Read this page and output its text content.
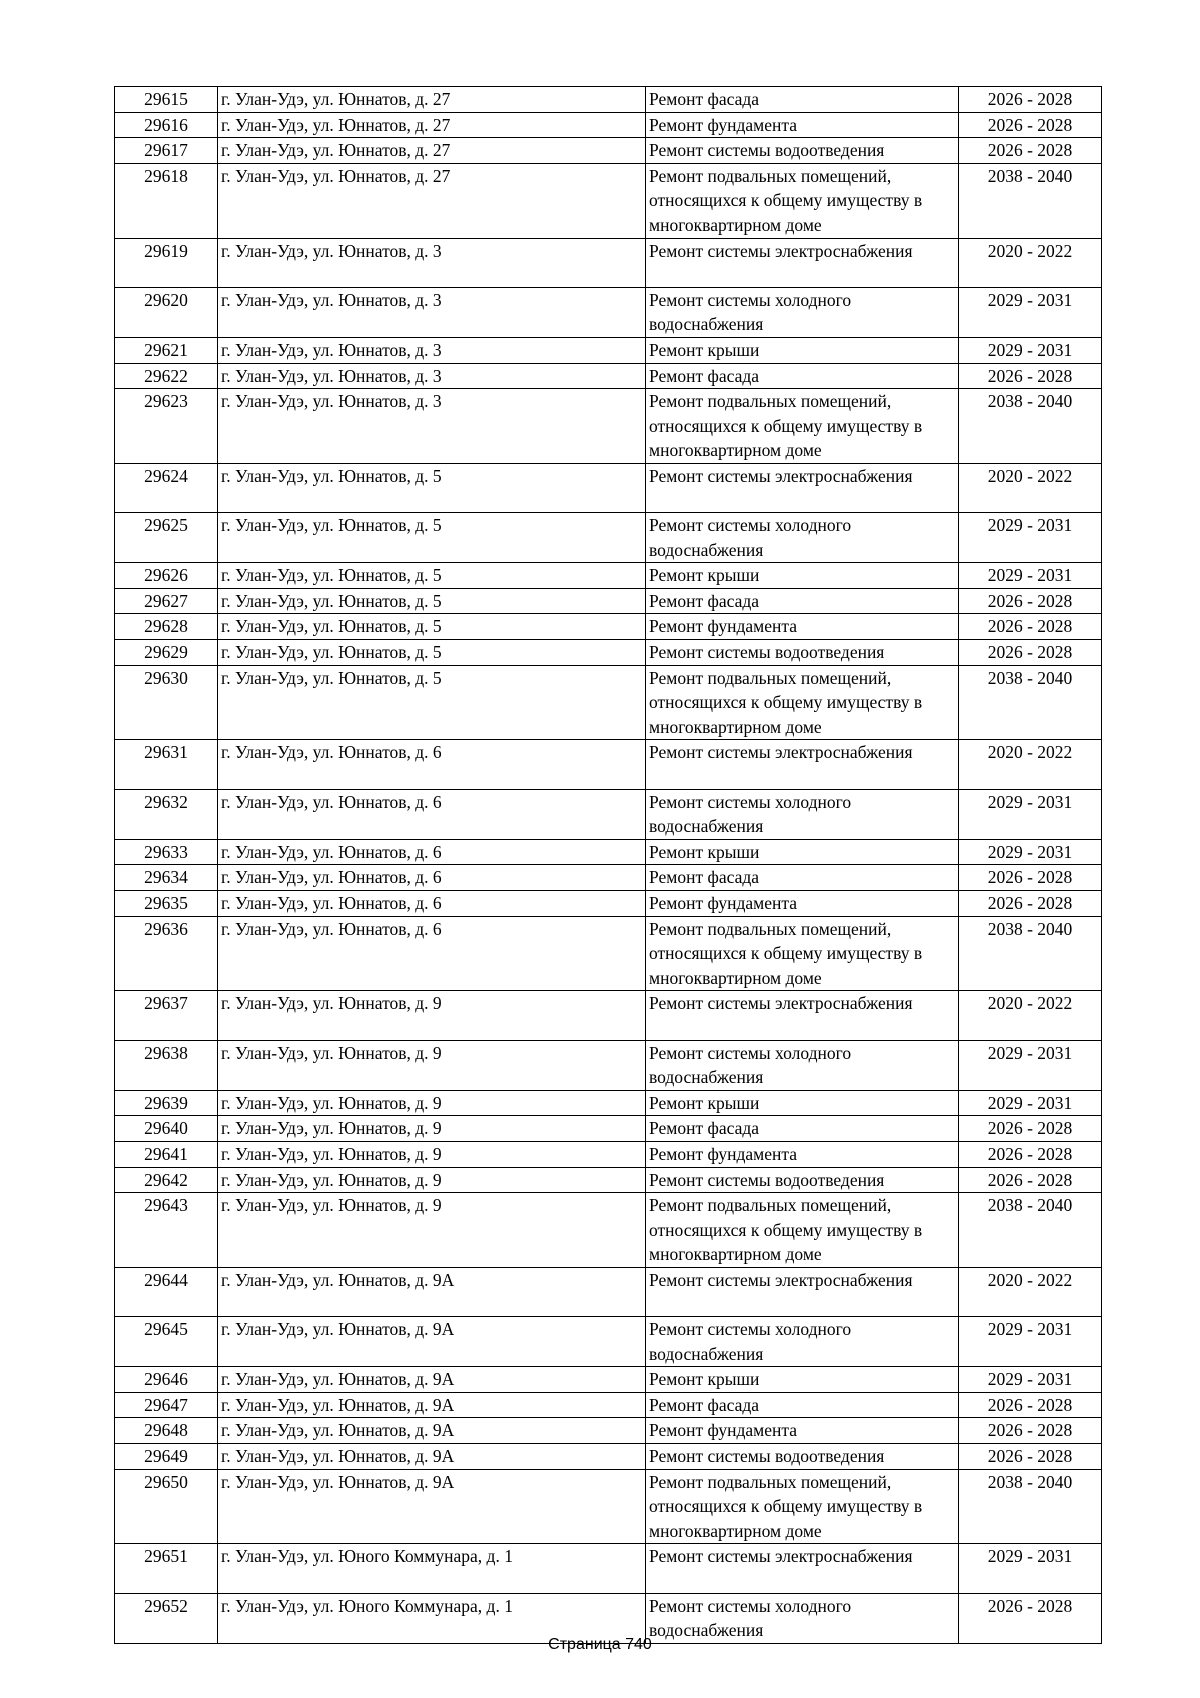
29615	г. Улан-Удэ, ул. Юннатов, д. 27	Ремонт фасада	2026 - 2028
29616	г. Улан-Удэ, ул. Юннатов, д. 27	Ремонт фундамента	2026 - 2028
29617	г. Улан-Удэ, ул. Юннатов, д. 27	Ремонт системы водоотведения	2026 - 2028
29618	г. Улан-Удэ, ул. Юннатов, д. 27	Ремонт подвальных помещений, относящихся к общему имуществу в многоквартирном доме	2038 - 2040
29619	г. Улан-Удэ, ул. Юннатов, д. 3	Ремонт системы электроснабжения	2020 - 2022
29620	г. Улан-Удэ, ул. Юннатов, д. 3	Ремонт системы холодного водоснабжения	2029 - 2031
29621	г. Улан-Удэ, ул. Юннатов, д. 3	Ремонт крыши	2029 - 2031
29622	г. Улан-Удэ, ул. Юннатов, д. 3	Ремонт фасада	2026 - 2028
29623	г. Улан-Удэ, ул. Юннатов, д. 3	Ремонт подвальных помещений, относящихся к общему имуществу в многоквартирном доме	2038 - 2040
29624	г. Улан-Удэ, ул. Юннатов, д. 5	Ремонт системы электроснабжения	2020 - 2022
29625	г. Улан-Удэ, ул. Юннатов, д. 5	Ремонт системы холодного водоснабжения	2029 - 2031
29626	г. Улан-Удэ, ул. Юннатов, д. 5	Ремонт крыши	2029 - 2031
29627	г. Улан-Удэ, ул. Юннатов, д. 5	Ремонт фасада	2026 - 2028
29628	г. Улан-Удэ, ул. Юннатов, д. 5	Ремонт фундамента	2026 - 2028
29629	г. Улан-Удэ, ул. Юннатов, д. 5	Ремонт системы водоотведения	2026 - 2028
29630	г. Улан-Удэ, ул. Юннатов, д. 5	Ремонт подвальных помещений, относящихся к общему имуществу в многоквартирном доме	2038 - 2040
29631	г. Улан-Удэ, ул. Юннатов, д. 6	Ремонт системы электроснабжения	2020 - 2022
29632	г. Улан-Удэ, ул. Юннатов, д. 6	Ремонт системы холодного водоснабжения	2029 - 2031
29633	г. Улан-Удэ, ул. Юннатов, д. 6	Ремонт крыши	2029 - 2031
29634	г. Улан-Удэ, ул. Юннатов, д. 6	Ремонт фасада	2026 - 2028
29635	г. Улан-Удэ, ул. Юннатов, д. 6	Ремонт фундамента	2026 - 2028
29636	г. Улан-Удэ, ул. Юннатов, д. 6	Ремонт подвальных помещений, относящихся к общему имуществу в многоквартирном доме	2038 - 2040
29637	г. Улан-Удэ, ул. Юннатов, д. 9	Ремонт системы электроснабжения	2020 - 2022
29638	г. Улан-Удэ, ул. Юннатов, д. 9	Ремонт системы холодного водоснабжения	2029 - 2031
29639	г. Улан-Удэ, ул. Юннатов, д. 9	Ремонт крыши	2029 - 2031
29640	г. Улан-Удэ, ул. Юннатов, д. 9	Ремонт фасада	2026 - 2028
29641	г. Улан-Удэ, ул. Юннатов, д. 9	Ремонт фундамента	2026 - 2028
29642	г. Улан-Удэ, ул. Юннатов, д. 9	Ремонт системы водоотведения	2026 - 2028
29643	г. Улан-Удэ, ул. Юннатов, д. 9	Ремонт подвальных помещений, относящихся к общему имуществу в многоквартирном доме	2038 - 2040
29644	г. Улан-Удэ, ул. Юннатов, д. 9А	Ремонт системы электроснабжения	2020 - 2022
29645	г. Улан-Удэ, ул. Юннатов, д. 9А	Ремонт системы холодного водоснабжения	2029 - 2031
29646	г. Улан-Удэ, ул. Юннатов, д. 9А	Ремонт крыши	2029 - 2031
29647	г. Улан-Удэ, ул. Юннатов, д. 9А	Ремонт фасада	2026 - 2028
29648	г. Улан-Удэ, ул. Юннатов, д. 9А	Ремонт фундамента	2026 - 2028
29649	г. Улан-Удэ, ул. Юннатов, д. 9А	Ремонт системы водоотведения	2026 - 2028
29650	г. Улан-Удэ, ул. Юннатов, д. 9А	Ремонт подвальных помещений, относящихся к общему имуществу в многоквартирном доме	2038 - 2040
29651	г. Улан-Удэ, ул. Юного Коммунара, д. 1	Ремонт системы электроснабжения	2029 - 2031
29652	г. Улан-Удэ, ул. Юного Коммунара, д. 1	Ремонт системы холодного водоснабжения	2026 - 2028
Страница 740
